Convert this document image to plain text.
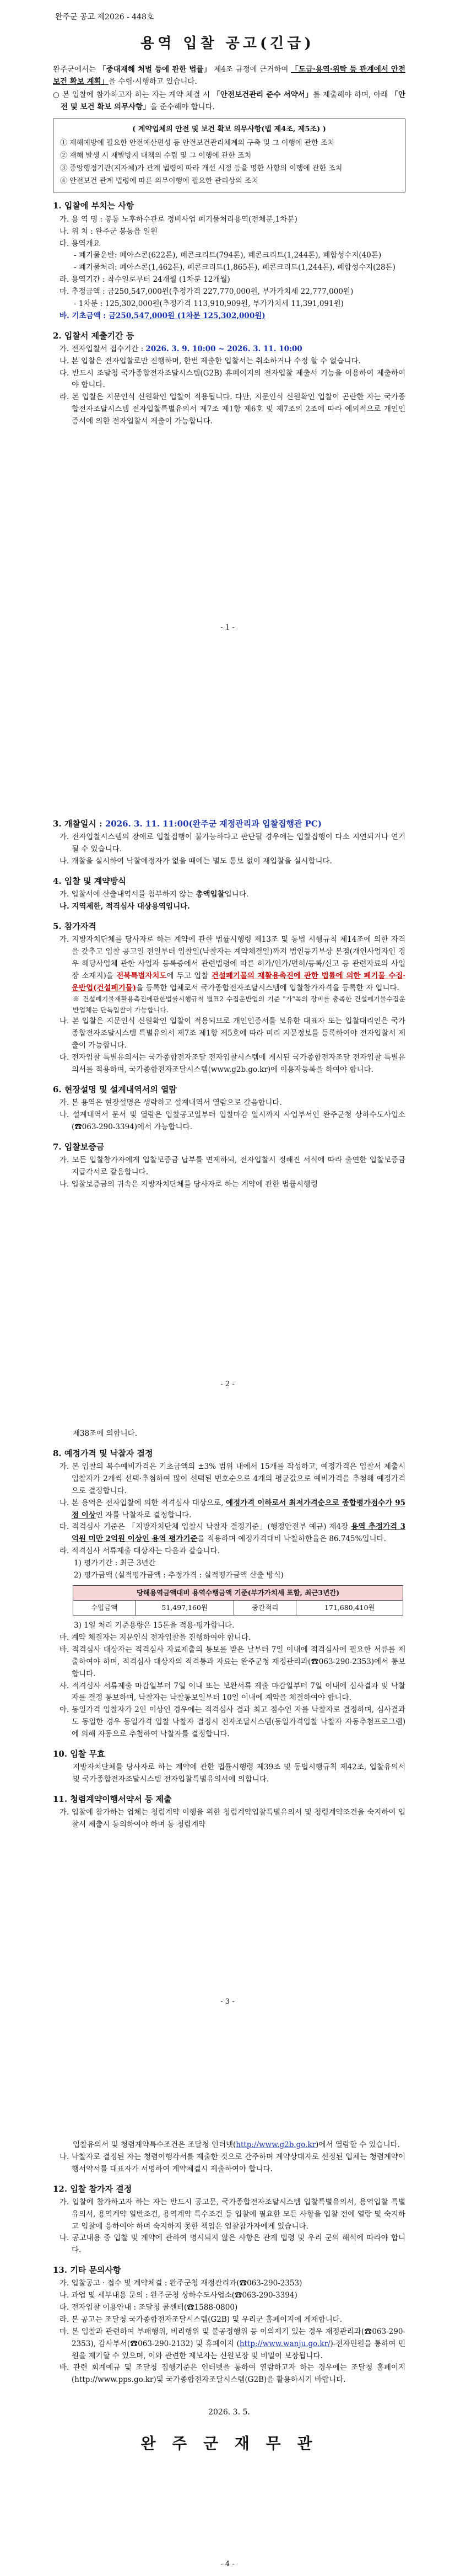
완주군 공고 제2026 - 448호
용역 입찰 공고(긴급)

완주군에서는 「중대재해 처벌 등에 관한 법률」 제4조 규정에 근거하여 「도급·용역·위탁 등 관계에서 안전보건 확보 계획」을 수립·시행하고 있습니다.

○ 본 입찰에 참가하고자 하는 자는 계약 체결 시 「안전보건관리 준수 서약서」를 제출해야 하며, 아래 「안전 및 보건 확보 의무사항」을 준수해야 합니다.

( 계약업체의 안전 및 보건 확보 의무사항(법 제4조, 제5조) )

① 재해예방에 필요한 안전예산편성 등 안전보건관리체계의 구축 및 그 이행에 관한 조치

② 재해 발생 시 재발방지 대책의 수립 및 그 이행에 관한 조치

③ 중앙행정기관(지자체)가 관계 법령에 따라 개선 시정 등을 명한 사항의 이행에 관한 조치

④ 안전보건 관계 법령에 따른 의무이행에 필요한 관리상의 조치

1. 입찰에 부치는 사항

가. 용 역 명 : 봉동 노후하수관로 정비사업 폐기물처리용역(전체분,1차분)

나. 위 치 : 완주군 봉동읍 일원

다. 용역개요

- 폐기물운반: 폐아스콘(622톤), 폐콘크리트(794톤), 폐콘크리트(1,244톤), 폐합성수지(40톤)

- 폐기물처리: 폐아스콘(1,462톤), 폐콘크리트(1,865톤), 폐콘크리트(1,244톤), 폐합성수지(28톤)

라. 용역기간 : 착수일로부터 24개월 (1차분 12개월)

마. 추정금액 : 금250,547,000원(추정가격 227,770,000원, 부가가치세 22,777,000원)

- 1차분 : 125,302,000원(추정가격 113,910,909원, 부가가치세 11,391,091원)

바. 기초금액 : 금250,547,000원 (1차분 125,302,000원)

2. 입찰서 제출기간 등

가. 전자입찰서 접수기간 : 2026. 3. 9. 10:00 ~ 2026. 3. 11. 10:00

나. 본 입찰은 전자입찰로만 진행하며, 한번 제출한 입찰서는 취소하거나 수정 할 수 없습니다.

다. 반드시 조달청 국가종합전자조달시스템(G2B) 휴폐이지의 전자입찰 제출서 기능을 이용하여 제출하여야 합니다.

라. 본 입찰은 지문인식 신원확인 입찰이 적용됩니다. 다만, 지문인식 신원확인 입찰이 곤란한 자는 국가종합전자조달시스템 전자입찰특별유의서 제7조 제1항 제6호 및 제7조의 2조에 따라 예외적으로 개인인증서에 의한 전자입찰서 제출이 가능합니다.

- 1 -
3. 개찰일시 : 2026. 3. 11. 11:00(완주군 재정관리과 입찰집행관 PC)

가. 전자입찰시스템의 장애로 입찰집행이 불가능하다고 판단될 경우에는 입찰집행이 다소 지연되거나 연기될 수 있습니다.

나. 개찰을 실시하여 낙찰예정자가 없을 때에는 별도 통보 없이 재입찰을 실시합니다.

4. 입찰 및 계약방식

가. 입찰서에 산출내역서를 첨부하지 않는 총액입찰입니다.

나. 지역제한, 적격심사 대상용역입니다.

5. 참가자격

가. 지방자치단체를 당사자로 하는 계약에 관한 법률시행령 제13조 및 동법 시행규칙 제14조에 의한 자격을 갖추고 입찰 공고일 전일부터 입찰일(낙찰자는 계약체결일)까지 법인등기부상 본점(개인사업자인 경우 해당사업체 관한 사업자 등록증에서 관련법령에 따른 허가/인가/면허/등록/신고 등 관련자료의 사업장 소재지)을 전북특별자치도에 두고 입찰 건설폐기물의 재활용촉진에 관한 법률에 의한 폐기물 수집·운반업(건설폐기물)을 등록한 업체로서 국가종합전자조달시스템에 입찰참가자격을 등록한 자 입니다.

※ 건설폐기물재활용촉진에관한법률시행규칙 별표2 수집운반업의 기준 "가"목의 장비를 충족한 건설폐기물수집운반업체는 단독입찰이 가능합니다.

나. 본 입찰은 지문인식 신원확인 입찰이 적용되므로 개인인증서를 보유한 대표자 또는 입찰대리인은 국가종합전자조달시스템 특별유의서 제7조 제1항 제5호에 따라 미리 지문정보를 등록하여야 전자입찰서 제출이 가능합니다.

다. 전자입찰 특별유의서는 국가종합전자조달 전자입찰시스템에 게시된 국가종합전자조달 전자입찰 특별유의서를 적용하며, 국가종합전자조달시스템(www.g2b.go.kr)에 이용자등록을 하여야 합니다.

6. 현장설명 및 설계내역서의 열람

가. 본 용역은 현장설명은 생략하고 설계내역서 열람으로 갈음합니다.

나. 설계내역서 문서 및 열람은 입찰공고일부터 입찰마감 일시까지 사업부서인 완주군청 상하수도사업소(☎063-290-3394)에서 가능합니다.

7. 입찰보증금

가. 모든 입찰참가자에게 입찰보증금 납부를 면제하되, 전자입찰시 정해진 서식에 따라 출연한 입찰보증금 지급각서로 갈음합니다.

나. 입찰보증금의 귀속은 지방자치단체를 당사자로 하는 계약에 관한 법률시행령

- 2 -

제38조에 의합니다.

8. 예정가격 및 낙찰자 결정

가. 본 입찰의 복수예비가격은 기초금액의 ±3% 범위 내에서 15개를 작성하고, 예정가격은 입찰서 제출시 입찰자가 2개씩 선택·추첨하여 많이 선택된 번호순으로 4개의 평균값으로 예비가격을 추첨해 예정가격으로 결정합니다.

나. 본 용역은 전자입찰에 의한 적격심사 대상으로, 예정가격 이하로서 최저가격순으로 종합평가점수가 95점 이상인 자를 낙찰자로 결정합니다.

다. 적격심사 기준은 「지방자치단체 입찰시 낙찰자 결정기준」(행정안전부 예규) 제4장 용역 추정가격 3억원 미만 2억원 이상인 용역 평가기준을 적용하며 예정가격대비 낙찰하한율은 86.745%입니다.

라. 적격심사 서류제출 대상자는 다음과 같습니다.

1) 평가기간 : 최근 3년간

2) 평가금액 (실적평가금액 : 추정가격 : 실적평가금액 산출 방식)

당해용역금액대비 용역수행금액 기준(부가가치세 포함, 최근3년간)
수입금액	51,497,160원	중간적리	171,680,410원

3) 1일 처리 기준용량은 15톤을 적용·평가합니다.

마. 계약 체결자는 지문인식 전자입찰을 진행하여야 합니다.

바. 적격심사 대상자는 적격심사 자료제출의 통보를 받은 날부터 7일 이내에 적격심사에 필요한 서류를 제출하여야 하며, 적격심사 대상자의 적격통과 자료는 완주군청 재정관리과(☎063-290-2353)에서 통보합니다.

사. 적격심사 서류제출 마감일부터 7일 이내 또는 보완서류 제출 마감일부터 7일 이내에 심사결과 및 낙찰자를 결정 통보하며, 낙찰자는 낙찰통보일부터 10일 이내에 계약을 체결하여야 합니다.

아. 동일가격 입찰자가 2인 이상인 경우에는 적격심사 결과 최고 점수인 자를 낙찰자로 결정하며, 심사결과도 동일한 경우 동일가격 입찰 낙찰자 결정시 전자조달시스템(동일가격입찰 낙찰자 자동추첨프로그램)에 의해 자동으로 추첨하여 낙찰자를 결정합니다.

10. 입찰 무효

지방자치단체를 당사자로 하는 계약에 관한 법률시행령 제39조 및 동법시행규칙 제42조, 입찰유의서 및 국가종합전자조달시스템 전자입찰특별유의서에 의합니다.

11. 청렴계약이행서약서 등 제출

가. 입찰에 참가하는 업체는 청렴계약 이행을 위한 청렴계약입찰특별유의서 및 청렴계약조건을 숙지하여 입찰서 제출시 동의하여야 하며 동 청렴계약

- 3 -

입찰유의서 및 청렴계약특수조건은 조달청 인터넷(http://www.g2b.go.kr)에서 열람할 수 있습니다.

나. 낙찰자로 결정된 자는 청렴이행각서를 제출한 것으로 간주하며 계약상대자로 선정된 업체는 청렴계약이행서약서를 대표자가 서명하여 계약체결시 제출하여야 합니다.

12. 입찰 참가자 결정

가. 입찰에 참가하고자 하는 자는 반드시 공고문, 국가종합전자조달시스템 입찰특별유의서, 용역입찰 특별유의서, 용역계약 일반조건, 용역계약 특수조건 등 입찰에 필요한 모든 사항을 입찰 전에 열람 및 숙지하고 입찰에 응하여야 하며 숙지하지 못한 책임은 입찰참가자에게 있습니다.

나. 공고내용 중 입찰 및 계약에 관하여 명시되지 않은 사항은 관계 법령 및 우리 군의 해석에 따라야 합니다.

13. 기타 문의사항

가. 입찰공고 · 접수 및 계약체결 : 완주군청 재정관리과(☎063-290-2353)

나. 과업 및 세부내용 문의 : 완주군청 상하수도사업소(☎063-290-3394)

다. 전자입찰 이용안내 : 조달청 콜센터(☎1588-0800)

라. 본 공고는 조달청 국가종합전자조달시스템(G2B) 및 우리군 홈페이지에 게재합니다.

마. 본 입찰과 관련하여 부패행위, 비리행위 및 불공정행위 등 이의제기 있는 경우 재정관리과(☎063-290-2353), 감사부서(☎063-290-2132) 및 휴폐이지 (http://www.wanju.go.kr/)-전자민원을 통하여 민원을 제기할 수 있으며, 이와 관련한 제보자는 신원보장 및 비밀이 보장됩니다.

바. 관련 회계예규 및 조달청 집행기준은 인터넷을 통하여 열람하고자 하는 경우에는 조달청 홈페이지(http://www.pps.go.kr)및 국가종합전자조달시스템(G2B)을 활용하시기 바랍니다.

2026. 3. 5.

완 주 군 재 무 관

- 4 -
